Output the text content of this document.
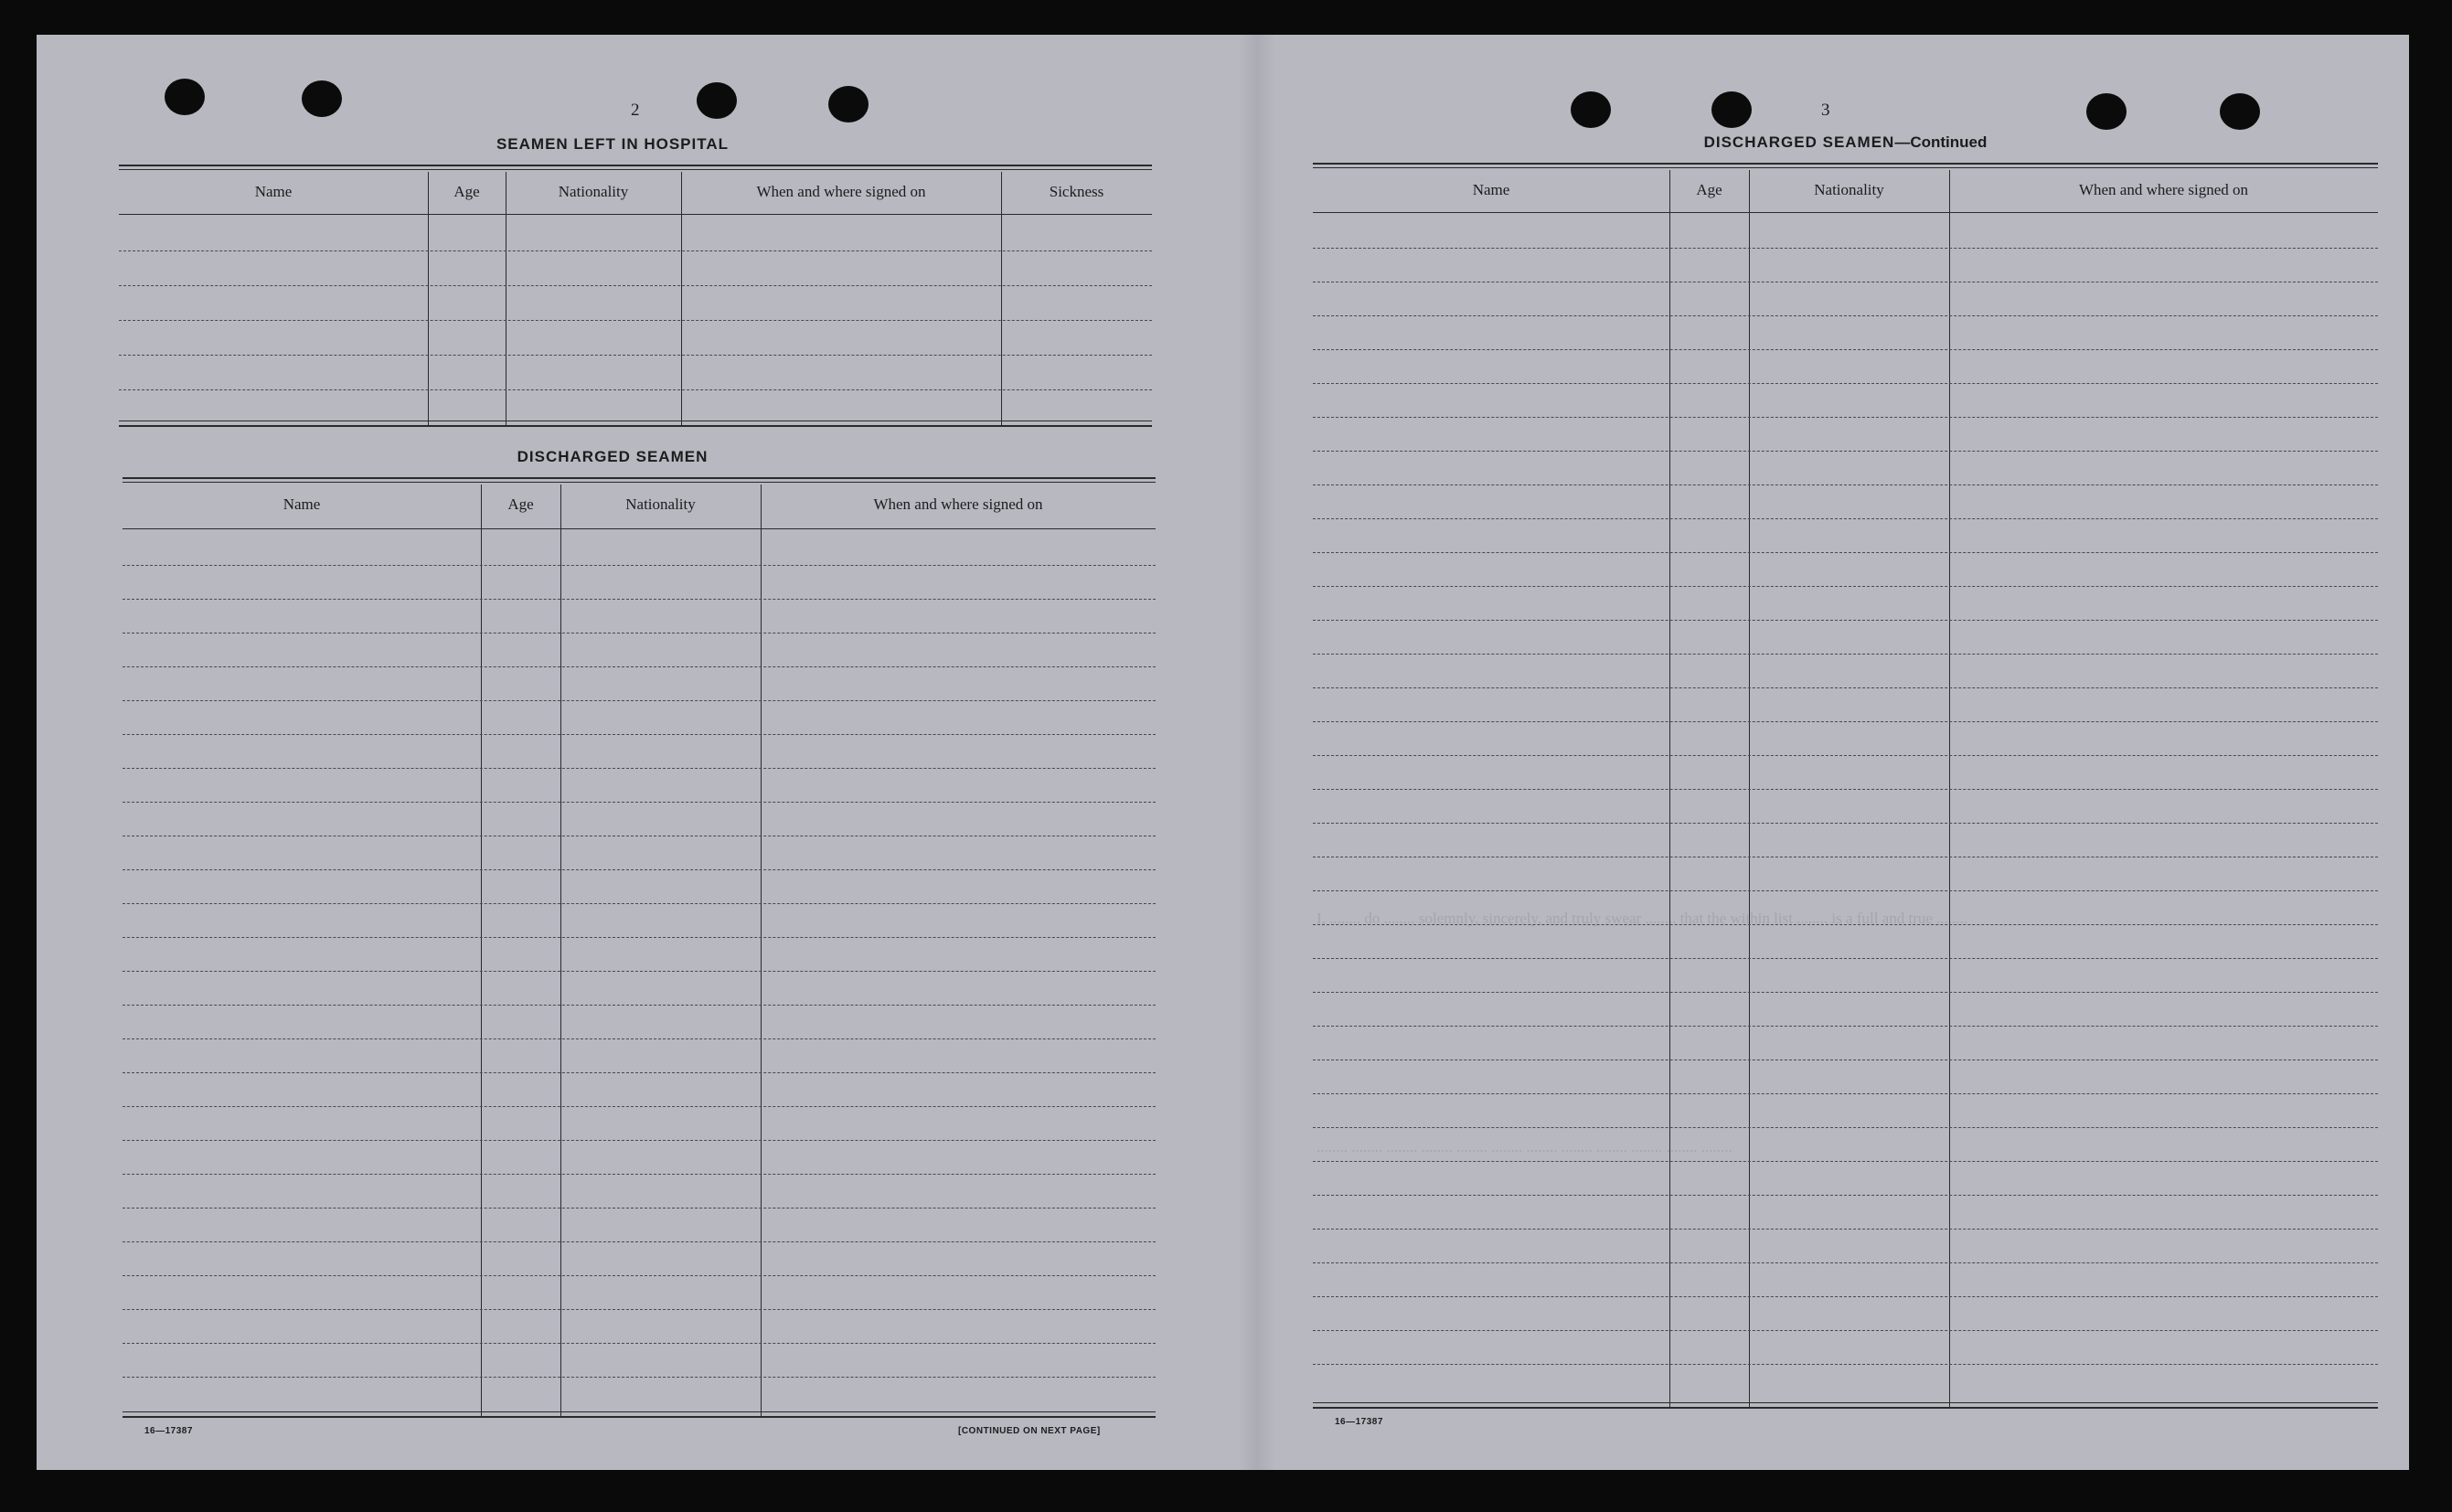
I, ........ do ........ solemnly, sincerely, and truly swear ........ that the within list ........ is a full and true ........
........ ........ ........ ........ ........ ........ ........ ........ ........ ........ ........ ........
2
SEAMEN LEFT IN HOSPITAL
Name	Age	Nationality	When and where signed on	Sickness
DISCHARGED SEAMEN
Name	Age	Nationality	When and where signed on
16—17387	[CONTINUED ON NEXT PAGE]
3
DISCHARGED SEAMEN—Continued
Name	Age	Nationality	When and where signed on
16—17387
